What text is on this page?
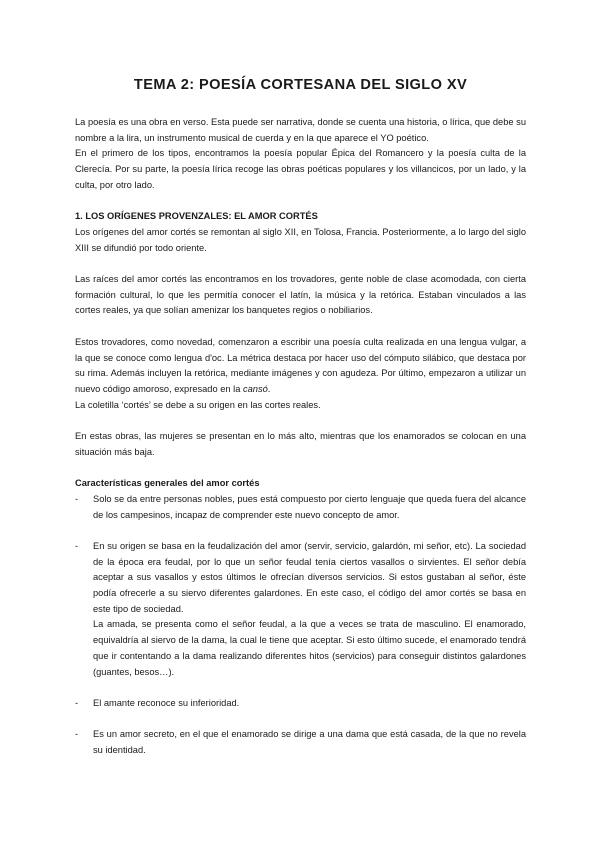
TEMA 2: POESÍA CORTESANA DEL SIGLO XV

La poesía es una obra en verso. Esta puede ser narrativa, donde se cuenta una historia, o lírica, que debe su nombre a la lira, un instrumento musical de cuerda y en la que aparece el YO poético.

En el primero de los tipos, encontramos la poesía popular Épica del Romancero y la poesía culta de la Clerecía. Por su parte, la poesía lírica recoge las obras poéticas populares y los villancicos, por un lado, y la culta, por otro lado.

1. LOS ORÍGENES PROVENZALES: EL AMOR CORTÉS

Los orígenes del amor cortés se remontan al siglo XII, en Tolosa, Francia. Posteriormente, a lo largo del siglo XIII se difundió por todo oriente.

Las raíces del amor cortés las encontramos en los trovadores, gente noble de clase acomodada, con cierta formación cultural, lo que les permitía conocer el latín, la música y la retórica. Estaban vinculados a las cortes reales, ya que solían amenizar los banquetes regios o nobiliarios.

Estos trovadores, como novedad, comenzaron a escribir una poesía culta realizada en una lengua vulgar, a la que se conoce como lengua d'oc. La métrica destaca por hacer uso del cómputo silábico, que destaca por su rima. Además incluyen la retórica, mediante imágenes y con agudeza. Por último, empezaron a utilizar un nuevo código amoroso, expresado en la cansó.

La coletilla ‘cortés’ se debe a su origen en las cortes reales.

En estas obras, las mujeres se presentan en lo más alto, mientras que los enamorados se colocan en una situación más baja.

Características generales del amor cortés
- Solo se da entre personas nobles, pues está compuesto por cierto lenguaje que queda fuera del alcance de los campesinos, incapaz de comprender este nuevo concepto de amor.
- En su origen se basa en la feudalización del amor (servir, servicio, galardón, mi señor, etc). La sociedad de la época era feudal, por lo que un señor feudal tenía ciertos vasallos o sirvientes. El señor debía aceptar a sus vasallos y estos últimos le ofrecían diversos servicios. Si estos gustaban al señor, éste podía ofrecerle a su siervo diferentes galardones. En este caso, el código del amor cortés se basa en este tipo de sociedad.
La amada, se presenta como el señor feudal, a la que a veces se trata de masculino. El enamorado, equivaldría al siervo de la dama, la cual le tiene que aceptar. Si esto último sucede, el enamorado tendrá que ir contentando a la dama realizando diferentes hitos (servicios) para conseguir distintos galardones (guantes, besos…).
- El amante reconoce su inferioridad.
- Es un amor secreto, en el que el enamorado se dirige a una dama que está casada, de la que no revela su identidad.
